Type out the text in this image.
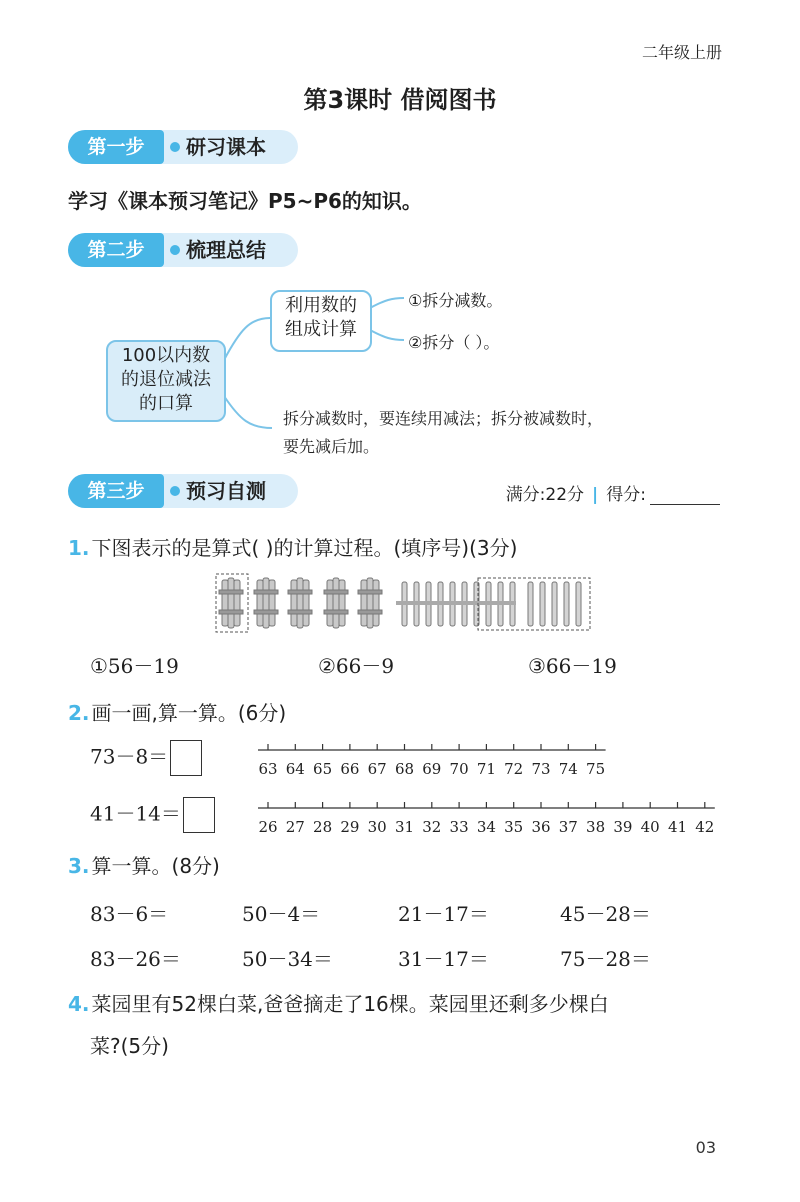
二年级上册
第3课时 借阅图书
第一步	研习课本
学习《课本预习笔记》P5~P6的知识。
第二步	梳理总结
100以内数
的退位减法
的口算
利用数的
组成计算
①拆分减数。
②拆分（ ）。
拆分减数时，要连续用减法；拆分被减数时，
要先减后加。
第三步	预习自测	满分:22分 | 得分:
1. 下图表示的是算式( )的计算过程。(填序号)(3分)
①56－19	②66－9	③66－19
2. 画一画,算一算。(6分)
73－8＝
63 64 65 66 67 68 69 70 71 72 73 74 75
41－14＝
26 27 28 29 30 31 32 33 34 35 36 37 38 39 40 41 42
3. 算一算。(8分)
83－6＝	50－4＝	21－17＝	45－28＝
83－26＝	50－34＝	31－17＝	75－28＝
4. 菜园里有52棵白菜,爸爸摘走了16棵。菜园里还剩多少棵白
菜?(5分)
03
